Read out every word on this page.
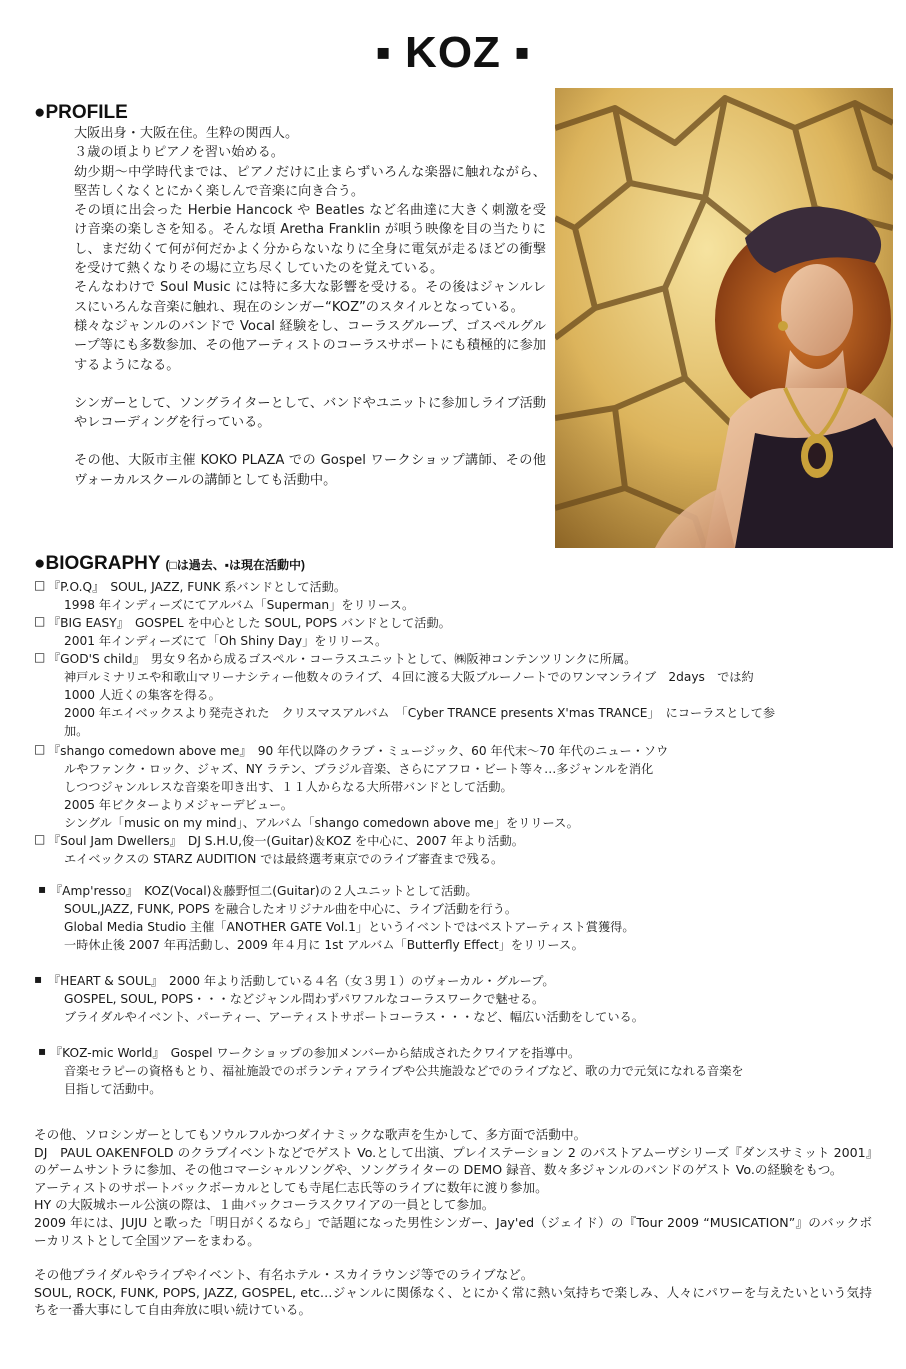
▪ KOZ ▪
●PROFILE

大阪出身・大阪在住。生粋の関西人。

３歳の頃よりピアノを習い始める。

幼少期〜中学時代までは、ピアノだけに止まらずいろんな楽器に触れながら、堅苦しくなくとにかく楽しんで音楽に向き合う。

その頃に出会った Herbie Hancock や Beatles など名曲達に大きく刺激を受け音楽の楽しさを知る。そんな頃 Aretha Franklin が唄う映像を目の当たりにし、まだ幼くて何が何だかよく分からないなりに全身に電気が走るほどの衝撃を受けて熱くなりその場に立ち尽くしていたのを覚えている。

そんなわけで Soul Music には特に多大な影響を受ける。その後はジャンルレスにいろんな音楽に触れ、現在のシンガー“KOZ”のスタイルとなっている。

様々なジャンルのバンドで Vocal 経験をし、コーラスグループ、ゴスペルグループ等にも多数参加、その他アーティストのコーラスサポートにも積極的に参加するようになる。

シンガーとして、ソングライターとして、バンドやユニットに参加しライブ活動やレコーディングを行っている。

その他、大阪市主催 KOKO PLAZA での Gospel ワークショップ講師、その他ヴォーカルスクールの講師としても活動中。

●BIOGRAPHY (□は過去、▪は現在活動中)
□ 『P.O.Q』　SOUL, JAZZ, FUNK 系バンドとして活動。
1998 年インディーズにてアルバム「Superman」をリリース。
□ 『BIG EASY』　GOSPEL を中心とした SOUL, POPS バンドとして活動。
2001 年インディーズにて「Oh Shiny Day」をリリース。
□ 『GOD'S child』　男女９名から成るゴスペル・コーラスユニットとして、㈱阪神コンテンツリンクに所属。
神戸ルミナリエや和歌山マリーナシティー他数々のライブ、４回に渡る大阪ブルーノートでのワンマンライブ　2days　では約
1000 人近くの集客を得る。
2000 年エイベックスより発売された　クリスマスアルバム　「Cyber TRANCE presents X'mas TRANCE」　にコーラスとして参
加。
□ 『shango comedown above me』　90 年代以降のクラブ・ミュージック、60 年代末〜70 年代のニュー・ソウ
ルやファンク・ロック、ジャズ、NY ラテン、ブラジル音楽、さらにアフロ・ビート等々…多ジャンルを消化
しつつジャンルレスな音楽を叩き出す、１１人からなる大所帯バンドとして活動。
2005 年ビクターよりメジャーデビュー。
シングル「music on my mind」、アルバム「shango comedown above me」をリリース。
□ 『Soul Jam Dwellers』　DJ S.H.U,俊一(Guitar)＆KOZ を中心に、2007 年より活動。
エイベックスの STARZ AUDITION では最終選考東京でのライブ審査まで残る。
▪ 『Amp'resso』　KOZ(Vocal)＆藤野恒二(Guitar)の２人ユニットとして活動。
SOUL,JAZZ, FUNK, POPS を融合したオリジナル曲を中心に、ライブ活動を行う。
Global Media Studio 主催「ANOTHER GATE Vol.1」というイベントではベストアーティスト賞獲得。
一時休止後 2007 年再活動し、2009 年４月に 1st アルバム「Butterfly Effect」をリリース。
▪ 『HEART & SOUL』　2000 年より活動している４名（女３男１）のヴォーカル・グループ。
GOSPEL, SOUL, POPS・・・などジャンル問わずパワフルなコーラスワークで魅せる。
ブライダルやイベント、パーティー、アーティストサポートコーラス・・・など、幅広い活動をしている。
▪ 『KOZ-mic World』　Gospel ワークショップの参加メンバーから結成されたクワイアを指導中。
音楽セラピーの資格もとり、福祉施設でのボランティアライブや公共施設などでのライブなど、歌の力で元気になれる音楽を
目指して活動中。

その他、ソロシンガーとしてもソウルフルかつダイナミックな歌声を生かして、多方面で活動中。

DJ　PAUL OAKENFOLD のクラブイベントなどでゲスト Vo.として出演、プレイステーション 2 のパストアムーヴシリーズ『ダンスサミット 2001』のゲームサントラに参加、その他コマーシャルソングや、ソングライターの DEMO 録音、数々多ジャンルのバンドのゲスト Vo.の経験をもつ。

アーティストのサポートバックボーカルとしても寺尾仁志氏等のライブに数年に渡り参加。

HY の大阪城ホール公演の際は、１曲バックコーラスクワイアの一員として参加。

2009 年には、JUJU と歌った「明日がくるなら」で話題になった男性シンガー、Jay'ed（ジェイド）の『Tour 2009 “MUSICATION”』のバックボーカリストとして全国ツアーをまわる。

その他ブライダルやライブやイベント、有名ホテル・スカイラウンジ等でのライブなど。

SOUL, ROCK, FUNK, POPS, JAZZ, GOSPEL, etc…ジャンルに関係なく、とにかく常に熱い気持ちで楽しみ、人々にパワーを与えたいという気持ちを一番大事にして自由奔放に唄い続けている。
